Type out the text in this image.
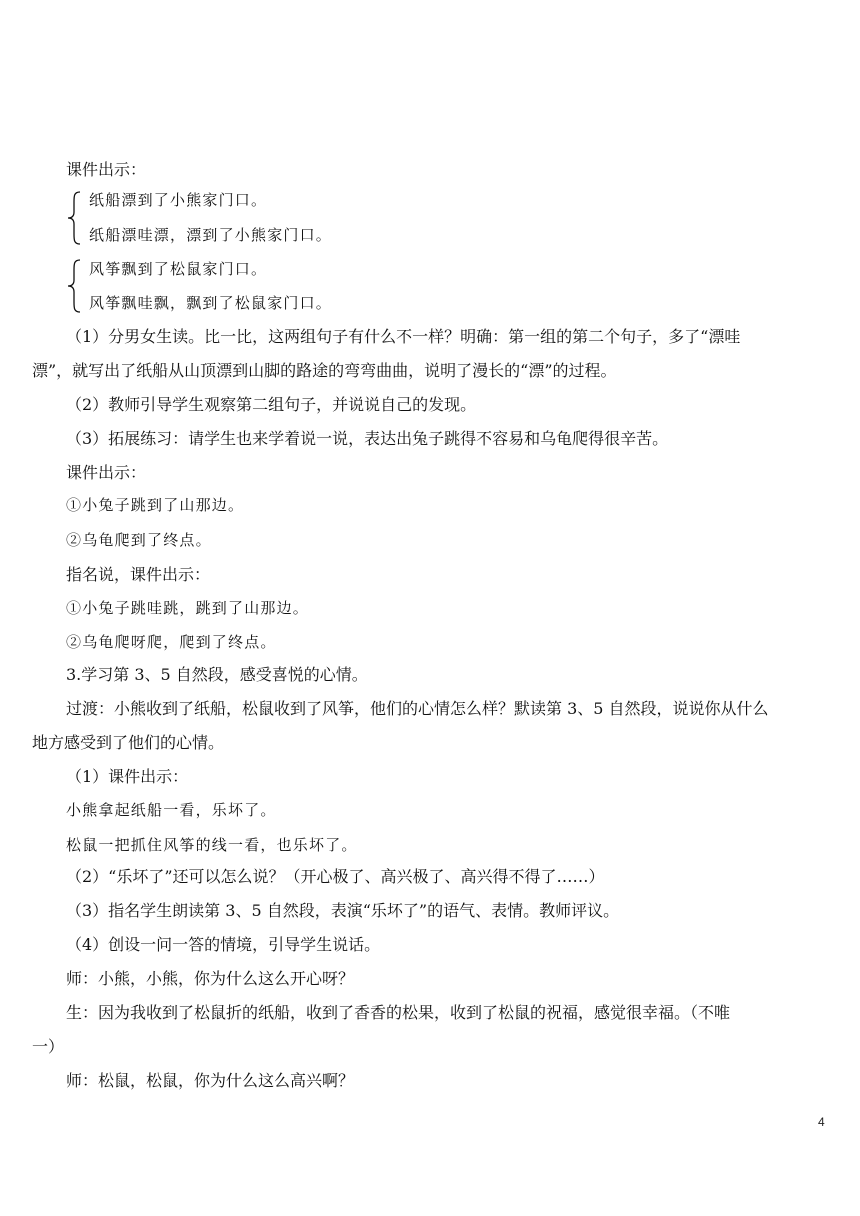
课件出示：
纸船漂到了小熊家门口。
纸船漂哇漂，漂到了小熊家门口。
风筝飘到了松鼠家门口。
风筝飘哇飘，飘到了松鼠家门口。
（1）分男女生读。比一比，这两组句子有什么不一样？明确：第一组的第二个句子，多了“漂哇
漂”，就写出了纸船从山顶漂到山脚的路途的弯弯曲曲，说明了漫长的“漂”的过程。
（2）教师引导学生观察第二组句子，并说说自己的发现。
（3）拓展练习：请学生也来学着说一说，表达出兔子跳得不容易和乌龟爬得很辛苦。
课件出示：
①小兔子跳到了山那边。
②乌龟爬到了终点。
指名说，课件出示：
①小兔子跳哇跳，跳到了山那边。
②乌龟爬呀爬，爬到了终点。
3.学习第 3、5 自然段，感受喜悦的心情。
过渡：小熊收到了纸船，松鼠收到了风筝，他们的心情怎么样？默读第 3、5 自然段，说说你从什么
地方感受到了他们的心情。
（1）课件出示：
小熊拿起纸船一看，乐坏了。
松鼠一把抓住风筝的线一看，也乐坏了。
（2）“乐坏了”还可以怎么说？（开心极了、高兴极了、高兴得不得了……）
（3）指名学生朗读第 3、5 自然段，表演“乐坏了”的语气、表情。教师评议。
（4）创设一问一答的情境，引导学生说话。
师：小熊，小熊，你为什么这么开心呀？
生：因为我收到了松鼠折的纸船，收到了香香的松果，收到了松鼠的祝福，感觉很幸福。（不唯
一）
师：松鼠，松鼠，你为什么这么高兴啊？
4
